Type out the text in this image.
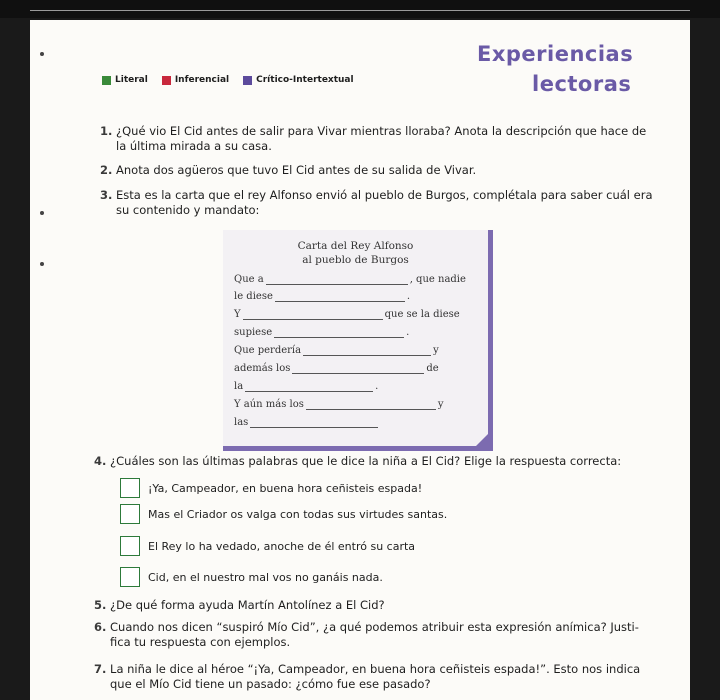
Experiencias
lectoras
Literal	Inferencial	Crítico-Intertextual
1. ¿Qué vio El Cid antes de salir para Vivar mientras lloraba? Anota la descripción que hace de
la última mirada a su casa.
2. Anota dos agüeros que tuvo El Cid antes de su salida de Vivar.
3. Esta es la carta que el rey Alfonso envió al pueblo de Burgos, complétala para saber cuál era
su contenido y mandato:
Carta del Rey Alfonso
al pueblo de Burgos
Que a	, que nadie
le diese	.
Y	que se la diese
supiese	.
Que perdería	y
además los	de
la	.
Y aún más los	y
las
4. ¿Cuáles son las últimas palabras que le dice la niña a El Cid? Elige la respuesta correcta:
¡Ya, Campeador, en buena hora ceñisteis espada!
Mas el Criador os valga con todas sus virtudes santas.
El Rey lo ha vedado, anoche de él entró su carta
Cid, en el nuestro mal vos no ganáis nada.
5. ¿De qué forma ayuda Martín Antolínez a El Cid?
6. Cuando nos dicen “suspiró Mío Cid”, ¿a qué podemos atribuir esta expresión anímica? Justi-
fica tu respuesta con ejemplos.
7. La niña le dice al héroe “¡Ya, Campeador, en buena hora ceñisteis espada!”. Esto nos indica
que el Mío Cid tiene un pasado: ¿cómo fue ese pasado?
